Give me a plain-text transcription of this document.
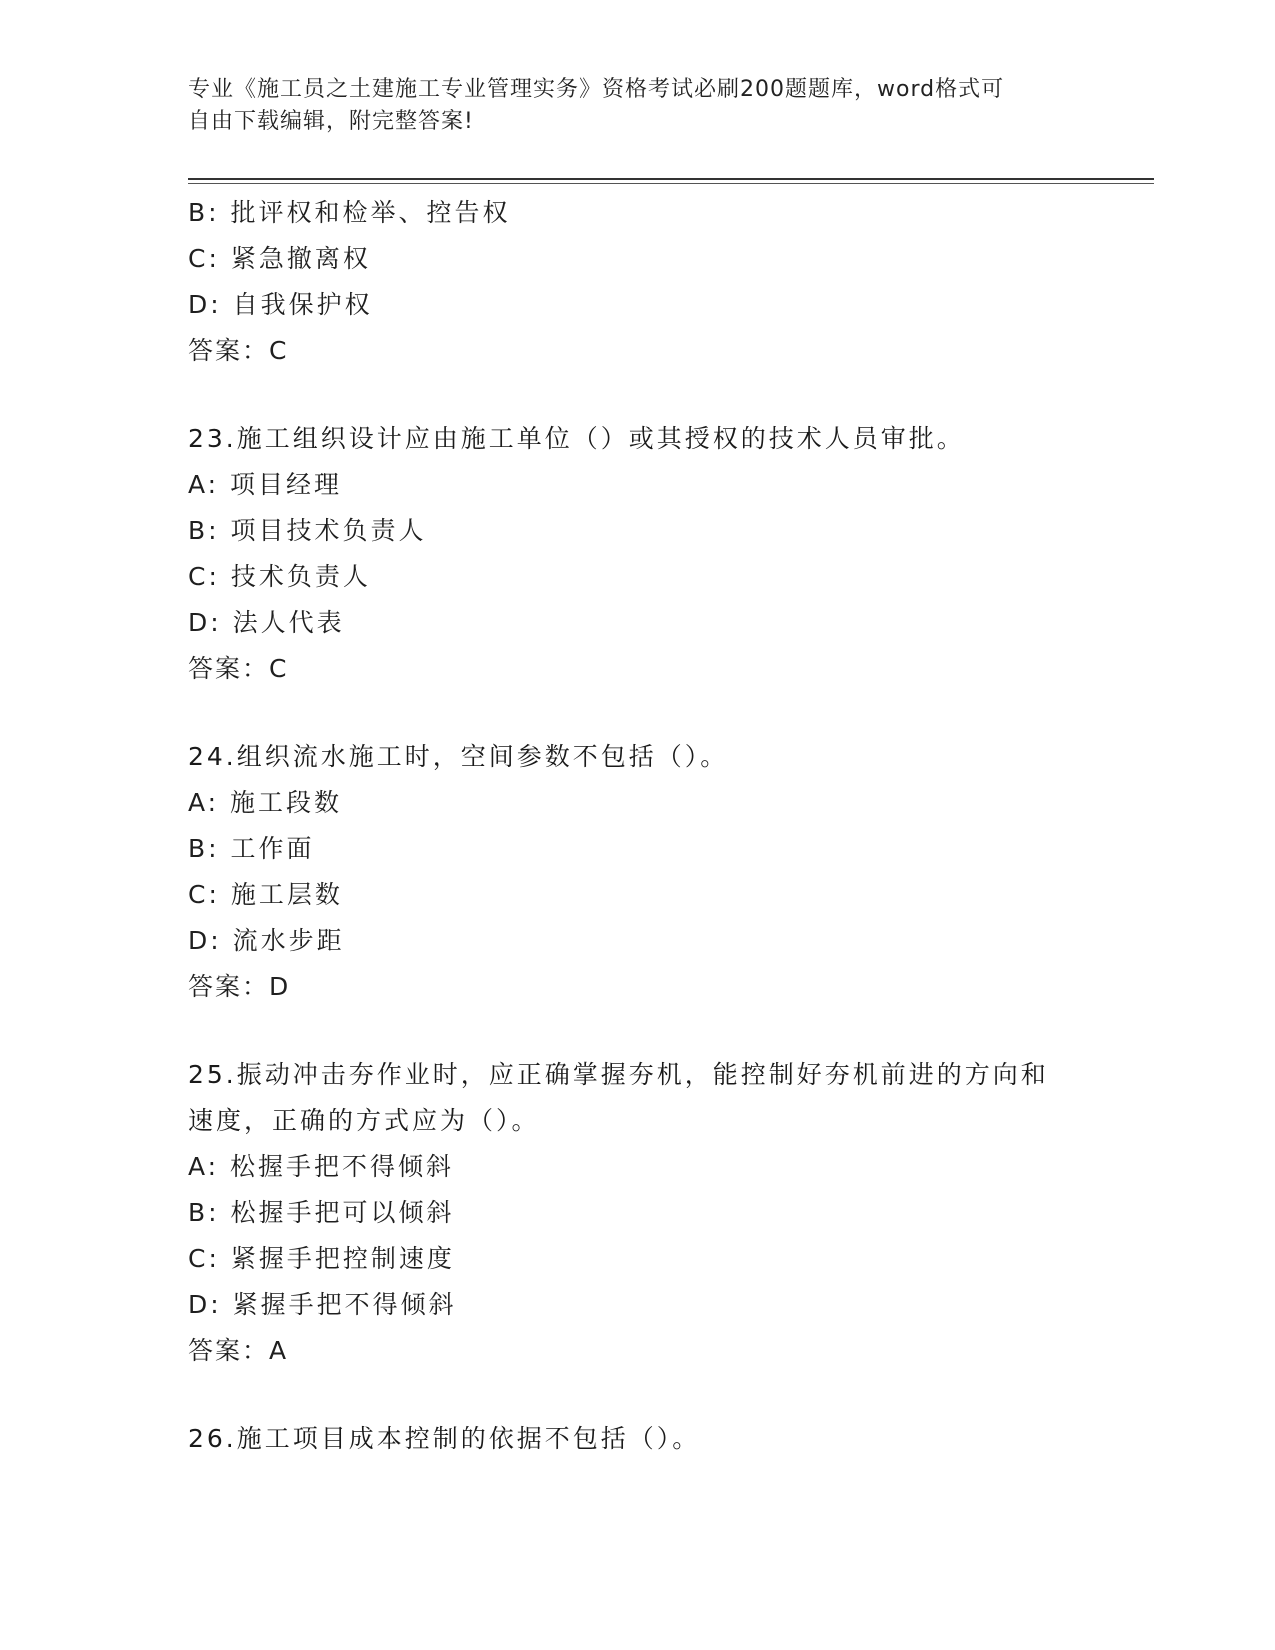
专业《施工员之土建施工专业管理实务》资格考试必刷200题题库，word格式可
自由下载编辑，附完整答案!
B: 批评权和检举、控告权
C: 紧急撤离权
D: 自我保护权
答案：C
23.施工组织设计应由施工单位（）或其授权的技术人员审批。
A: 项目经理
B: 项目技术负责人
C: 技术负责人
D: 法人代表
答案：C
24.组织流水施工时，空间参数不包括（）。
A: 施工段数
B: 工作面
C: 施工层数
D: 流水步距
答案：D
25.振动冲击夯作业时，应正确掌握夯机，能控制好夯机前进的方向和
速度，正确的方式应为（）。
A: 松握手把不得倾斜
B: 松握手把可以倾斜
C: 紧握手把控制速度
D: 紧握手把不得倾斜
答案：A
26.施工项目成本控制的依据不包括（）。
